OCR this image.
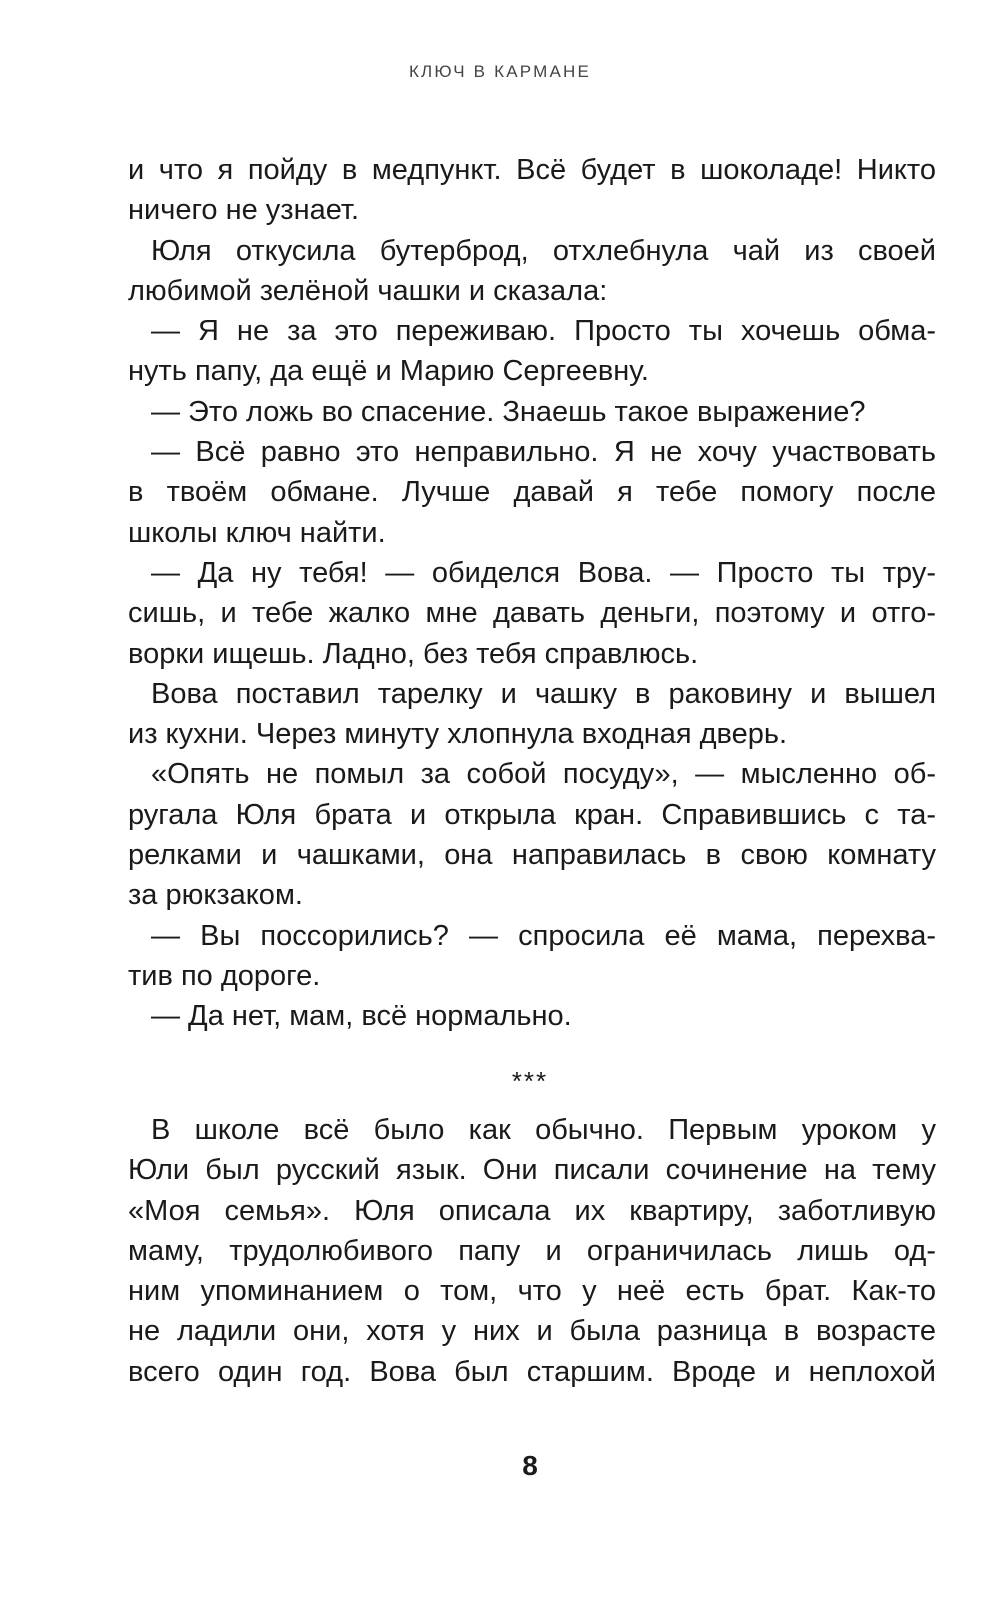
КЛЮЧ В КАРМАНЕ
и что я пойду в медпункт. Всё будет в шоколаде! Никто
ничего не узнает.
Юля откусила бутерброд, отхлебнула чай из своей
любимой зелёной чашки и сказала:
— Я не за это переживаю. Просто ты хочешь обма-
нуть папу, да ещё и Марию Сергеевну.
— Это ложь во спасение. Знаешь такое выражение?
— Всё равно это неправильно. Я не хочу участвовать
в твоём обмане. Лучше давай я тебе помогу после
школы ключ найти.
— Да ну тебя! — обиделся Вова. — Просто ты тру-
сишь, и тебе жалко мне давать деньги, поэтому и отго-
ворки ищешь. Ладно, без тебя справлюсь.
Вова поставил тарелку и чашку в раковину и вышел
из кухни. Через минуту хлопнула входная дверь.
«Опять не помыл за собой посуду», — мысленно об-
ругала Юля брата и открыла кран. Справившись с та-
релками и чашками, она направилась в свою комнату
за рюкзаком.
— Вы поссорились? — спросила её мама, перехва-
тив по дороге.
— Да нет, мам, всё нормально.
***
В школе всё было как обычно. Первым уроком у
Юли был русский язык. Они писали сочинение на тему
«Моя семья». Юля описала их квартиру, заботливую
маму, трудолюбивого папу и ограничилась лишь од-
ним упоминанием о том, что у неё есть брат. Как-то
не ладили они, хотя у них и была разница в возрасте
всего один год. Вова был старшим. Вроде и неплохой
8
